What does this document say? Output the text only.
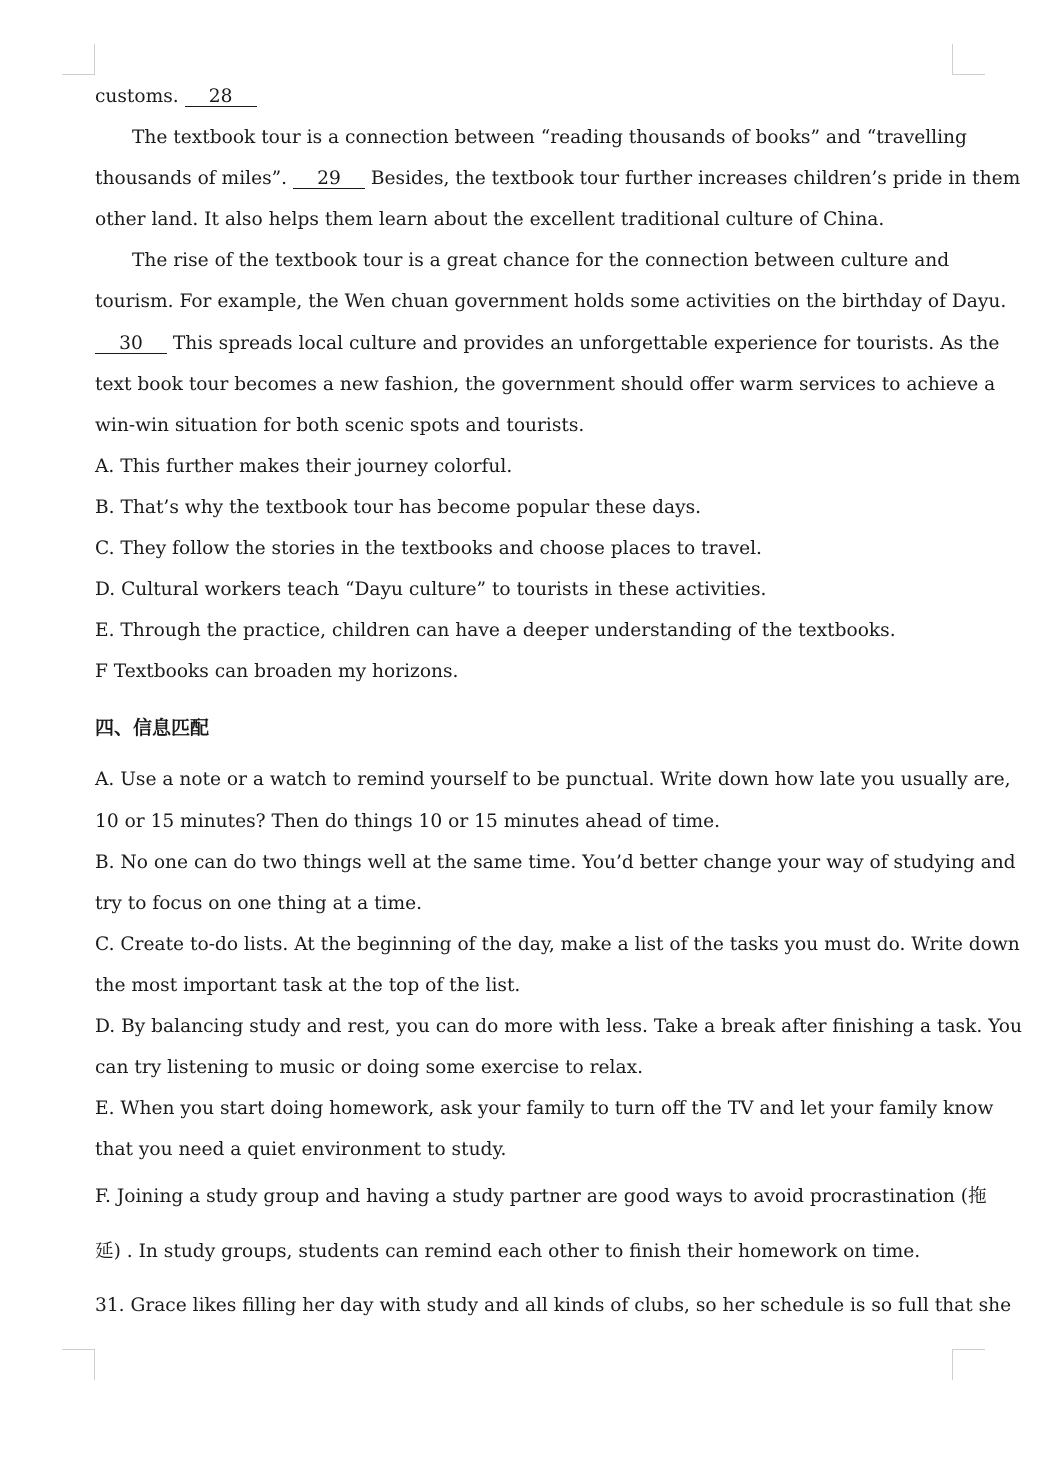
customs. 28
The textbook tour is a connection between “reading thousands of books” and “travelling
thousands of miles”. 29 Besides, the textbook tour further increases children’s pride in them
other land. It also helps them learn about the excellent traditional culture of China.
The rise of the textbook tour is a great chance for the connection between culture and
tourism. For example, the Wen chuan government holds some activities on the birthday of Dayu.
30 This spreads local culture and provides an unforgettable experience for tourists. As the
text book tour becomes a new fashion, the government should offer warm services to achieve a
win-win situation for both scenic spots and tourists.
A. This further makes their journey colorful.
B. That’s why the textbook tour has become popular these days.
C. They follow the stories in the textbooks and choose places to travel.
D. Cultural workers teach “Dayu culture” to tourists in these activities.
E. Through the practice, children can have a deeper understanding of the textbooks.
F Textbooks can broaden my horizons.
四、信息匹配
A. Use a note or a watch to remind yourself to be punctual. Write down how late you usually are,
10 or 15 minutes? Then do things 10 or 15 minutes ahead of time.
B. No one can do two things well at the same time. You’d better change your way of studying and
try to focus on one thing at a time.
C. Create to-do lists. At the beginning of the day, make a list of the tasks you must do. Write down
the most important task at the top of the list.
D. By balancing study and rest, you can do more with less. Take a break after finishing a task. You
can try listening to music or doing some exercise to relax.
E. When you start doing homework, ask your family to turn off the TV and let your family know
that you need a quiet environment to study.
F. Joining a study group and having a study partner are good ways to avoid procrastination (拖
延) . In study groups, students can remind each other to finish their homework on time.
31. Grace likes filling her day with study and all kinds of clubs, so her schedule is so full that she
